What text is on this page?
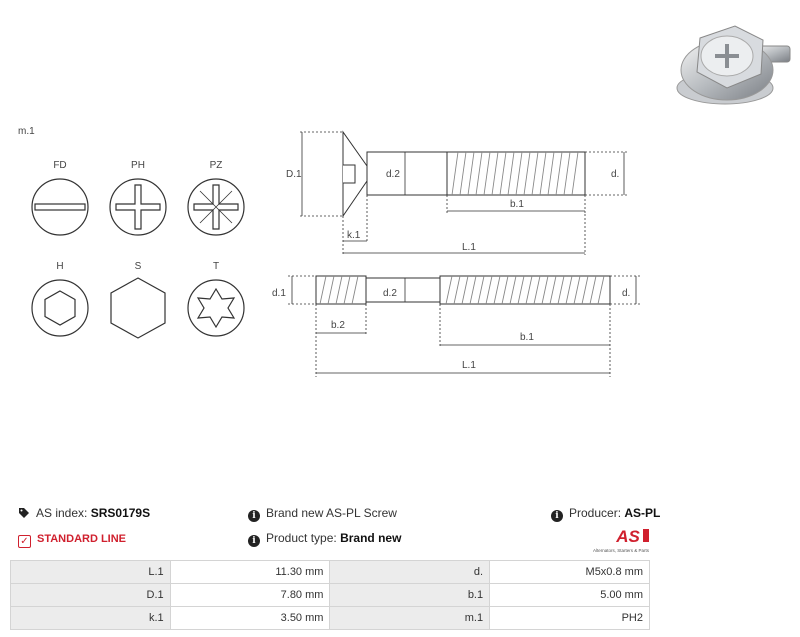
m.1
FD	PH	PZ
H	S	T
D.1	d.2	d.
b.1
k.1
L.1
d.1	d.2	d.
b.2
b.1
L.1
AS index: SRS0179S
✓ STANDARD LINE
i Brand new AS-PL Screw
i Product type: Brand new
i Producer: AS-PL
AS
Alternators, Starters & Parts
L.1	11.30 mm	d.	M5x0.8 mm
D.1	7.80 mm	b.1	5.00 mm
k.1	3.50 mm	m.1	PH2
